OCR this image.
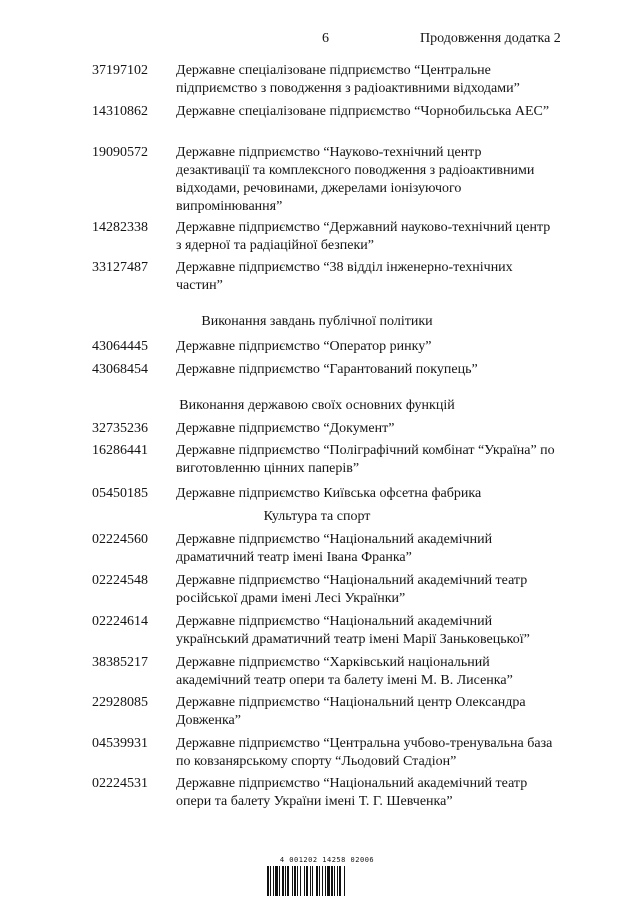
6	Продовження додатка 2
37197102	Державне спеціалізоване підприємство “Центральне підприємство з поводження з радіоактивними відходами”
14310862	Державне спеціалізоване підприємство “Чорнобильська АЕС”
19090572	Державне підприємство “Науково-технічний центр дезактивації та комплексного поводження з радіоактивними відходами, речовинами, джерелами іонізуючого випромінювання”
14282338	Державне підприємство “Державний науково-технічний центр з ядерної та радіаційної безпеки”
33127487	Державне підприємство “38 відділ інженерно-технічних частин”
Виконання завдань публічної політики
43064445	Державне підприємство “Оператор ринку”
43068454	Державне підприємство “Гарантований покупець”
Виконання державою своїх основних функцій
32735236	Державне підприємство “Документ”
16286441	Державне підприємство “Поліграфічний комбінат “Україна” по виготовленню цінних паперів”
05450185	Державне підприємство Київська офсетна фабрика
Культура та спорт
02224560	Державне підприємство “Національний академічний драматичний театр імені Івана Франка”
02224548	Державне підприємство “Національний академічний театр російської драми імені Лесі Українки”
02224614	Державне підприємство “Національний академічний український драматичний театр імені Марії Заньковецької”
38385217	Державне підприємство “Харківський національний академічний театр опери та балету імені М. В. Лисенка”
22928085	Державне підприємство “Національний центр Олександра Довженка”
04539931	Державне підприємство “Центральна учбово-тренувальна база по ковзанярському спорту “Льодовий Стадіон”
02224531	Державне підприємство “Національний академічний театр опери та балету України імені Т. Г. Шевченка”
4 001202 14258 02006
